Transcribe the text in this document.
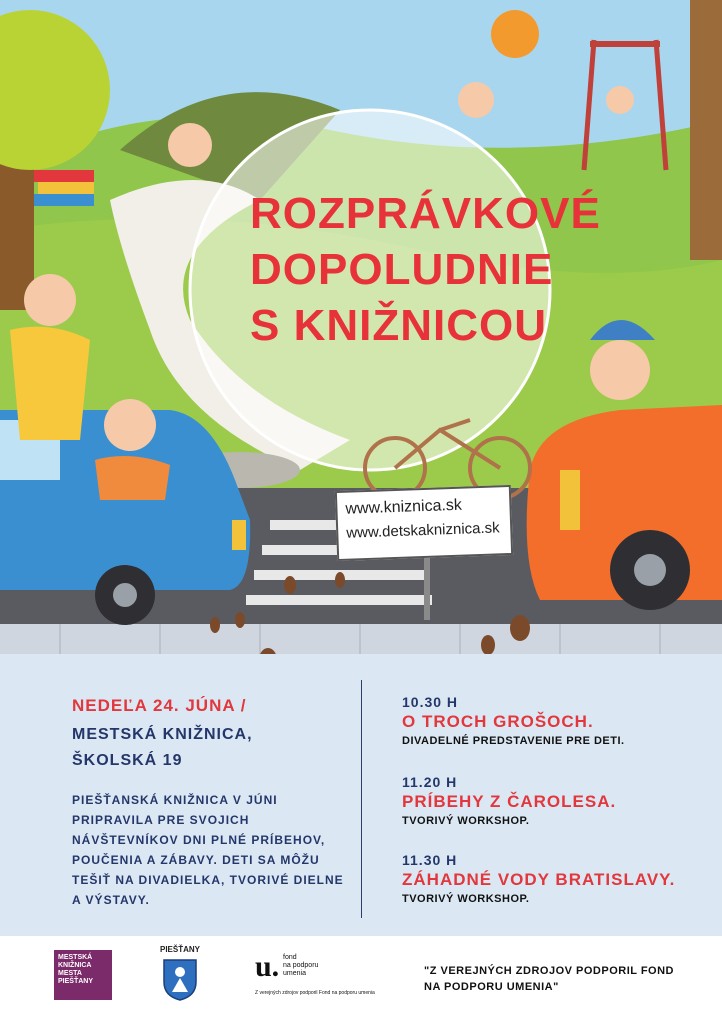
ROZPRÁVKOVÉ
DOPOLUDNIE
S KNIŽNICOU
www.kniznica.sk
www.detskakniznica.sk
NEDEĽA 24. JÚNA /
MESTSKÁ KNIŽNICA,
ŠKOLSKÁ 19
PIEŠŤANSKÁ KNIŽNICA V JÚNI PRIPRAVILA PRE SVOJICH NÁVŠTEVNÍKOV DNI PLNÉ PRÍBEHOV, POUČENIA A ZÁBAVY. DETI SA MÔŽU TEŠIŤ NA DIVADIELKA, TVORIVÉ DIELNE A VÝSTAVY.
10.30 H
O TROCH GROŠOCH.
DIVADELNÉ PREDSTAVENIE PRE DETI.
11.20 H
PRÍBEHY Z ČAROLESA.
TVORIVÝ WORKSHOP.
11.30 H
ZÁHADNÉ VODY BRATISLAVY.
TVORIVÝ WORKSHOP.
MESTSKÁ
KNIŽNICA
MESTA
PIEŠŤANY
PIEŠŤANY
u. fond
na podporu
umenia
Z verejných zdrojov podporil Fond na podporu umenia
"Z VEREJNÝCH ZDROJOV PODPORIL FOND NA PODPORU UMENIA"
